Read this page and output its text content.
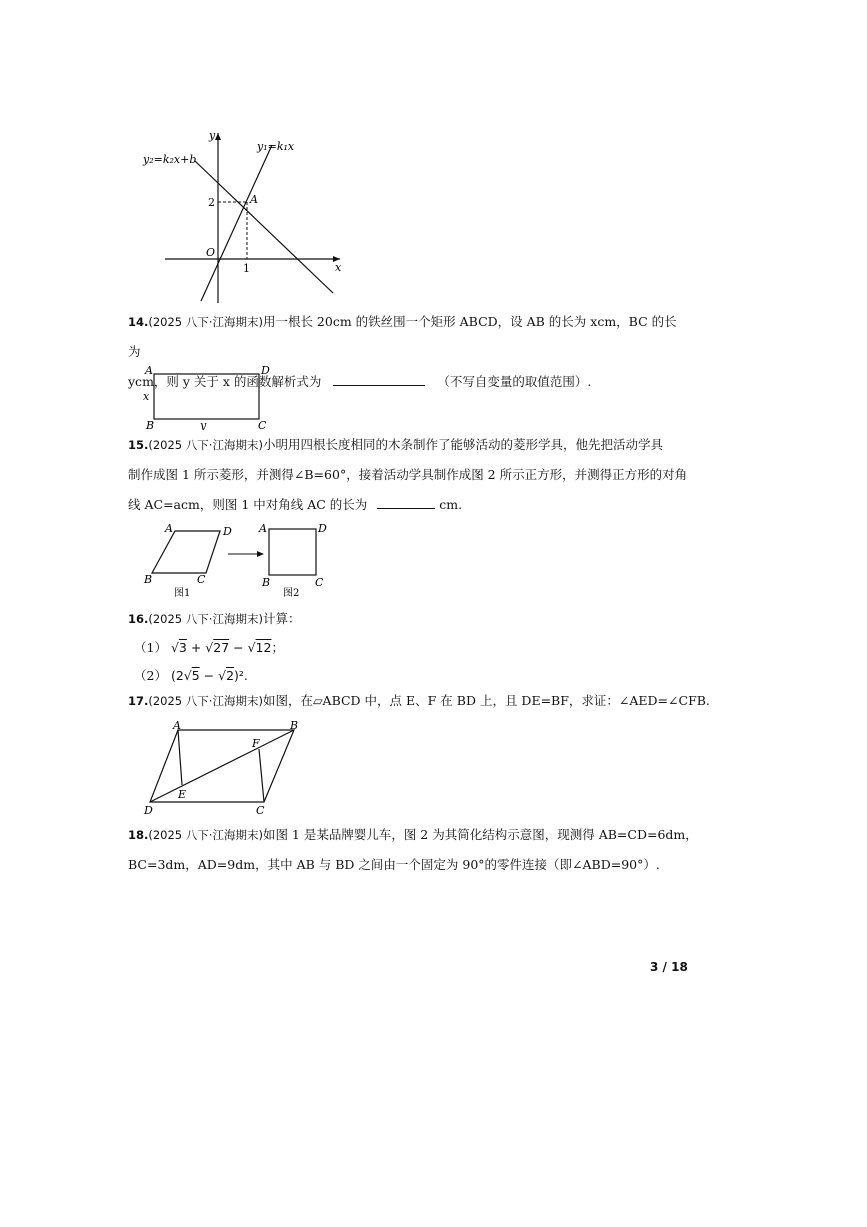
y
x
O
y₁=k₁x
y₂=k₂x+b
A
2
1
14.(2025 八下·江海期末)用一根长 20cm 的铁丝围一个矩形 ABCD，设 AB 的长为 xcm，BC 的长为
ycm，则 y 关于 x 的函数解析式为	（不写自变量的取值范围）.
A	D
B	C
x
y
15.(2025 八下·江海期末)小明用四根长度相同的木条制作了能够活动的菱形学具，他先把活动学具
制作成图 1 所示菱形，并测得∠B=60°，接着活动学具制作成图 2 所示正方形，并测得正方形的对角
线 AC=acm，则图 1 中对角线 AC 的长为	cm.
A	D
B	C
图1
A	D
B	C
图2
16.(2025 八下·江海期末)计算：
（1） √3 + √27 − √12；
（2） (2√5 − √2)².
17.(2025 八下·江海期末)如图，在▱ABCD 中，点 E、F 在 BD 上，且 DE=BF，求证：∠AED=∠CFB.
A	B
C
D
E
F
18.(2025 八下·江海期末)如图 1 是某品牌婴儿车，图 2 为其简化结构示意图，现测得 AB=CD=6dm，
BC=3dm，AD=9dm，其中 AB 与 BD 之间由一个固定为 90°的零件连接（即∠ABD=90°）.
3 / 18
